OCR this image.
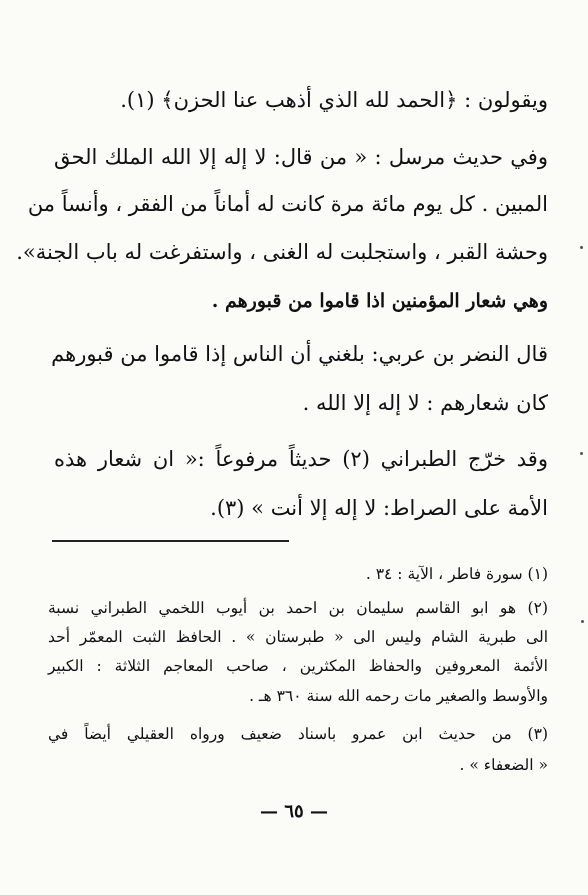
ويقولون : ﴿الحمد لله الذي أذهب عنا الحزن﴾ (١).
وفي حديث مرسل : « من قال: لا إله إلا الله الملك الحق
المبين . كل يوم مائة مرة كانت له أماناً من الفقر ، وأنساً من
وحشة القبر ، واستجلبت له الغنى ، واستفرغت له باب الجنة».
وهي شعار المؤمنين اذا قاموا من قبورهم .
قال النضر بن عربي: بلغني أن الناس إذا قاموا من قبورهم
كان شعارهم : لا إله إلا الله .
وقد خرّج الطبراني (٢) حديثاً مرفوعاً :« ان شعار هذه
الأمة على الصراط: لا إله إلا أنت » (٣).
(١) سورة فاطر ، الآية : ٣٤ .
(٢) هو ابو القاسم سليمان بن احمد بن أيوب اللخمي الطبراني نسبة
الى طبرية الشام وليس الى « طبرستان » . الحافظ الثبت المعمّر أحد
الأئمة المعروفين والحفاظ المكثرين ، صاحب المعاجم الثلاثة : الكبير
والأوسط والصغير مات رحمه الله سنة ٣٦٠ هـ .
(٣) من حديث ابن عمرو باسناد ضعيف ورواه العقيلي أيضاً في
« الضعفاء » .
— ٦٥ —
